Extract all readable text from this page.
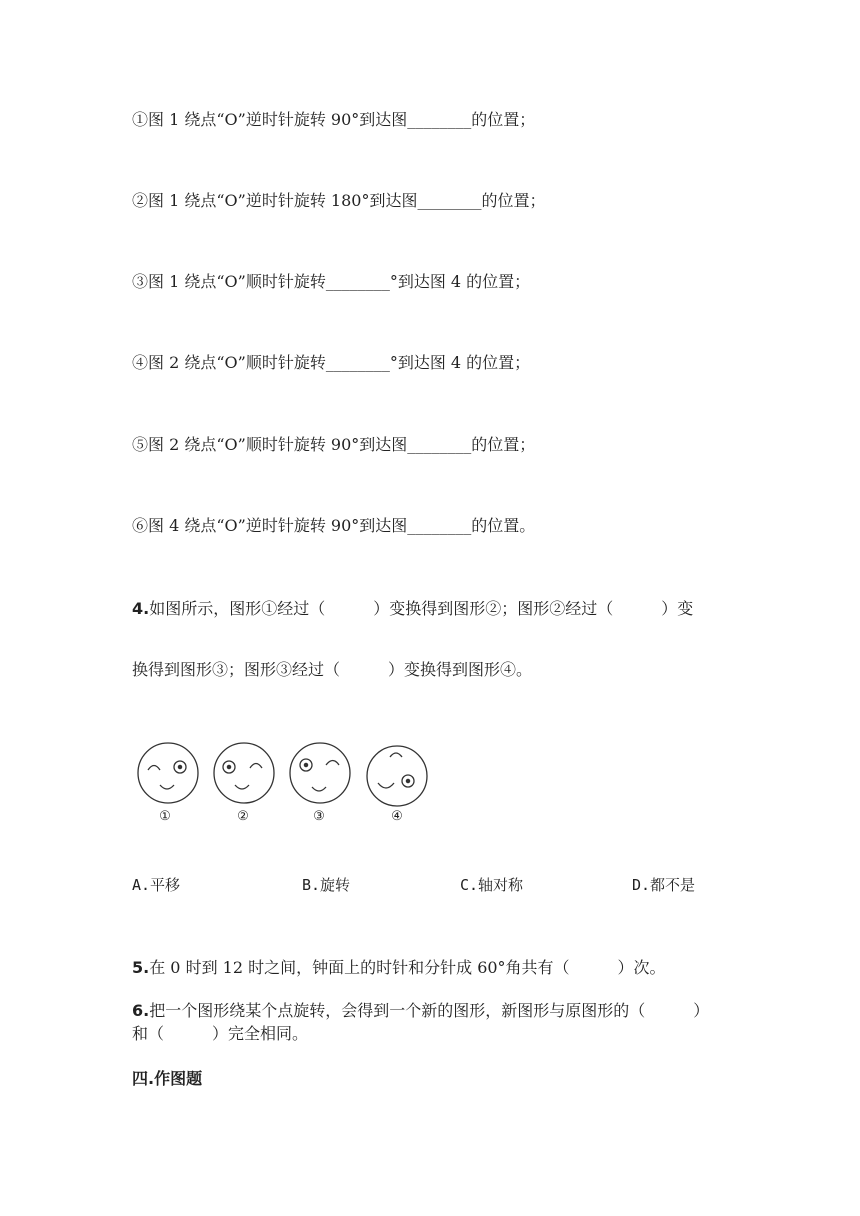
①图 1 绕点“O”逆时针旋转 90°到达图________的位置；
②图 1 绕点“O”逆时针旋转 180°到达图________的位置；
③图 1 绕点“O”顺时针旋转________°到达图 4 的位置；
④图 2 绕点“O”顺时针旋转________°到达图 4 的位置；
⑤图 2 绕点“O”顺时针旋转 90°到达图________的位置；
⑥图 4 绕点“O”逆时针旋转 90°到达图________的位置。
4.如图所示，图形①经过（　　　）变换得到图形②；图形②经过（　　　）变
换得到图形③；图形③经过（　　　）变换得到图形④。
①	②	③	④
A.平移	B.旋转	C.轴对称	D.都不是
5.在 0 时到 12 时之间，钟面上的时针和分针成 60°角共有（　　　）次。
6.把一个图形绕某个点旋转，会得到一个新的图形，新图形与原图形的（　　　）
和（　　　）完全相同。
四.作图题
